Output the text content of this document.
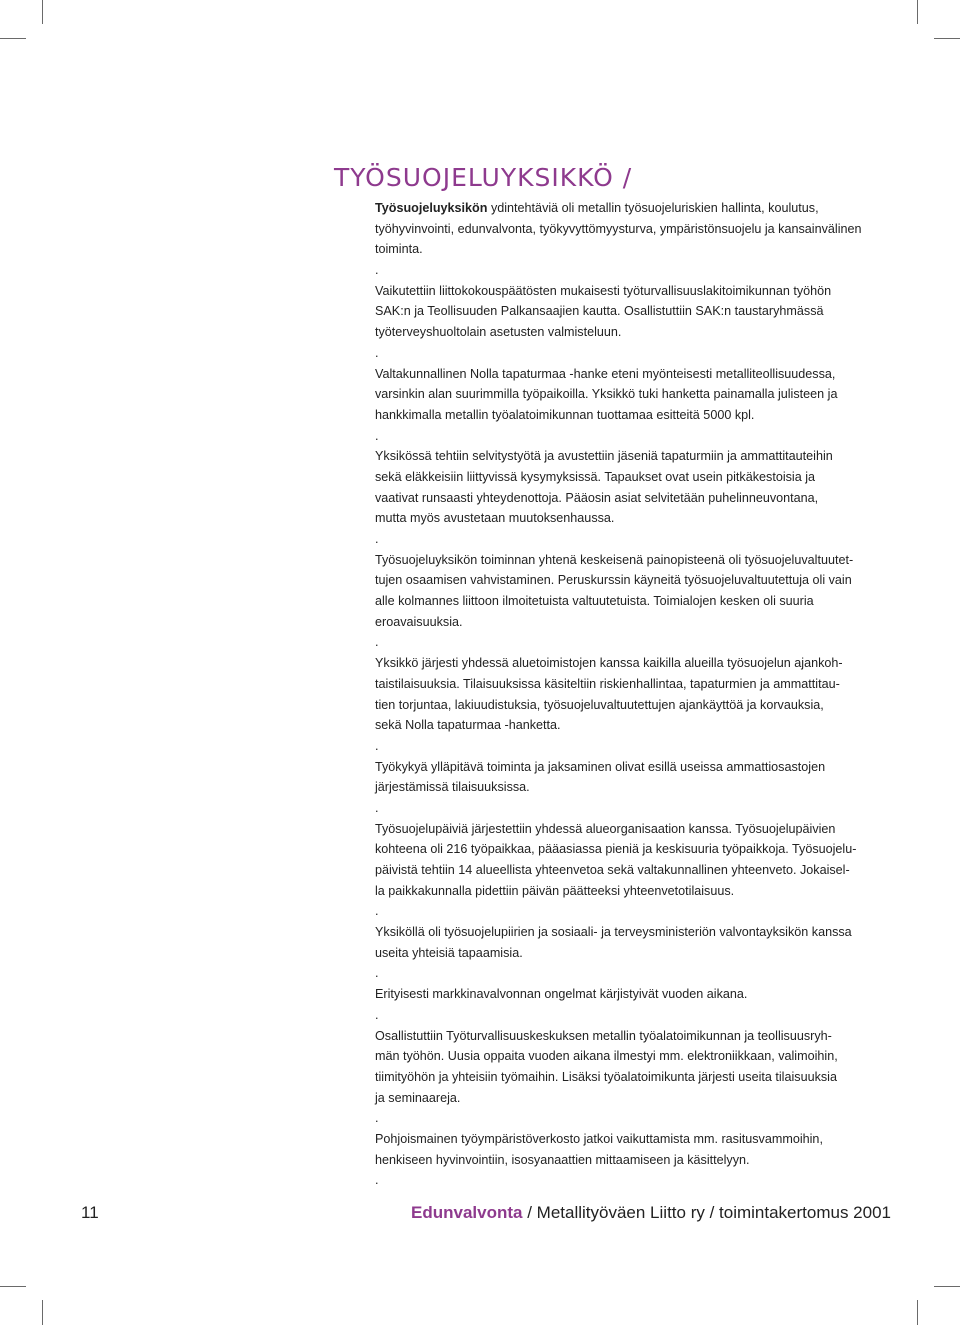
TYÖSUOJELUYKSIKKÖ /
Työsuojeluyksikön ydintehtäviä oli metallin työsuojeluriskien hallinta, koulutus,
työhyvinvointi, edunvalvonta, työkyvyttömyysturva, ympäristönsuojelu ja kansainvälinen
toiminta.
.
Vaikutettiin liittokokouspäätösten mukaisesti työturvallisuuslakitoimikunnan työhön
SAK:n ja Teollisuuden Palkansaajien kautta. Osallistuttiin SAK:n taustaryhmässä
työterveyshuoltolain asetusten valmisteluun.
.
Valtakunnallinen Nolla tapaturmaa -hanke eteni myönteisesti metalliteollisuudessa,
varsinkin alan suurimmilla työpaikoilla. Yksikkö tuki hanketta painamalla julisteen ja
hankkimalla metallin työalatoimikunnan tuottamaa esitteitä 5000 kpl.
.
Yksikössä tehtiin selvitystyötä ja avustettiin jäseniä tapaturmiin ja ammattitauteihin
sekä eläkkeisiin liittyvissä kysymyksissä. Tapaukset ovat usein pitkäkestoisia ja
vaativat runsaasti yhteydenottoja. Pääosin asiat selvitetään puhelinneuvontana,
mutta myös avustetaan muutoksenhaussa.
.
Työsuojeluyksikön toiminnan yhtenä keskeisenä painopisteenä oli työsuojeluvaltuutet-
tujen osaamisen vahvistaminen. Peruskurssin käyneitä työsuojeluvaltuutettuja oli vain
alle kolmannes liittoon ilmoitetuista valtuutetuista. Toimialojen kesken oli suuria
eroavaisuuksia.
.
Yksikkö järjesti yhdessä aluetoimistojen kanssa kaikilla alueilla työsuojelun ajankoh-
taistilaisuuksia. Tilaisuuksissa käsiteltiin riskienhallintaa, tapaturmien ja ammattitau-
tien torjuntaa, lakiuudistuksia, työsuojeluvaltuutettujen ajankäyttöä ja korvauksia,
sekä Nolla tapaturmaa -hanketta.
.
Työkykyä ylläpitävä toiminta ja jaksaminen olivat esillä useissa ammattiosastojen
järjestämissä tilaisuuksissa.
.
Työsuojelupäiviä järjestettiin yhdessä alueorganisaation kanssa. Työsuojelupäivien
kohteena oli 216 työpaikkaa, pääasiassa pieniä ja keskisuuria työpaikkoja. Työsuojelu-
päivistä tehtiin 14 alueellista yhteenvetoa sekä valtakunnallinen yhteenveto. Jokaisel-
la paikkakunnalla pidettiin päivän päätteeksi yhteenvetotilaisuus.
.
Yksiköllä oli työsuojelupiirien ja sosiaali- ja terveysministeriön valvontayksikön kanssa
useita yhteisiä tapaamisia.
.
Erityisesti markkinavalvonnan ongelmat kärjistyivät vuoden aikana.
.
Osallistuttiin Työturvallisuuskeskuksen metallin työalatoimikunnan ja teollisuusryh-
män työhön. Uusia oppaita vuoden aikana ilmestyi mm. elektroniikkaan, valimoihin,
tiimityöhön ja yhteisiin työmaihin. Lisäksi työalatoimikunta järjesti useita tilaisuuksia
ja seminaareja.
.
Pohjoismainen työympäristöverkosto jatkoi vaikuttamista mm. rasitusvammoihin,
henkiseen hyvinvointiin, isosyanaattien mittaamiseen ja käsittelyyn.
.
11	Edunvalvonta / Metallityöväen Liitto ry / toimintakertomus 2001
